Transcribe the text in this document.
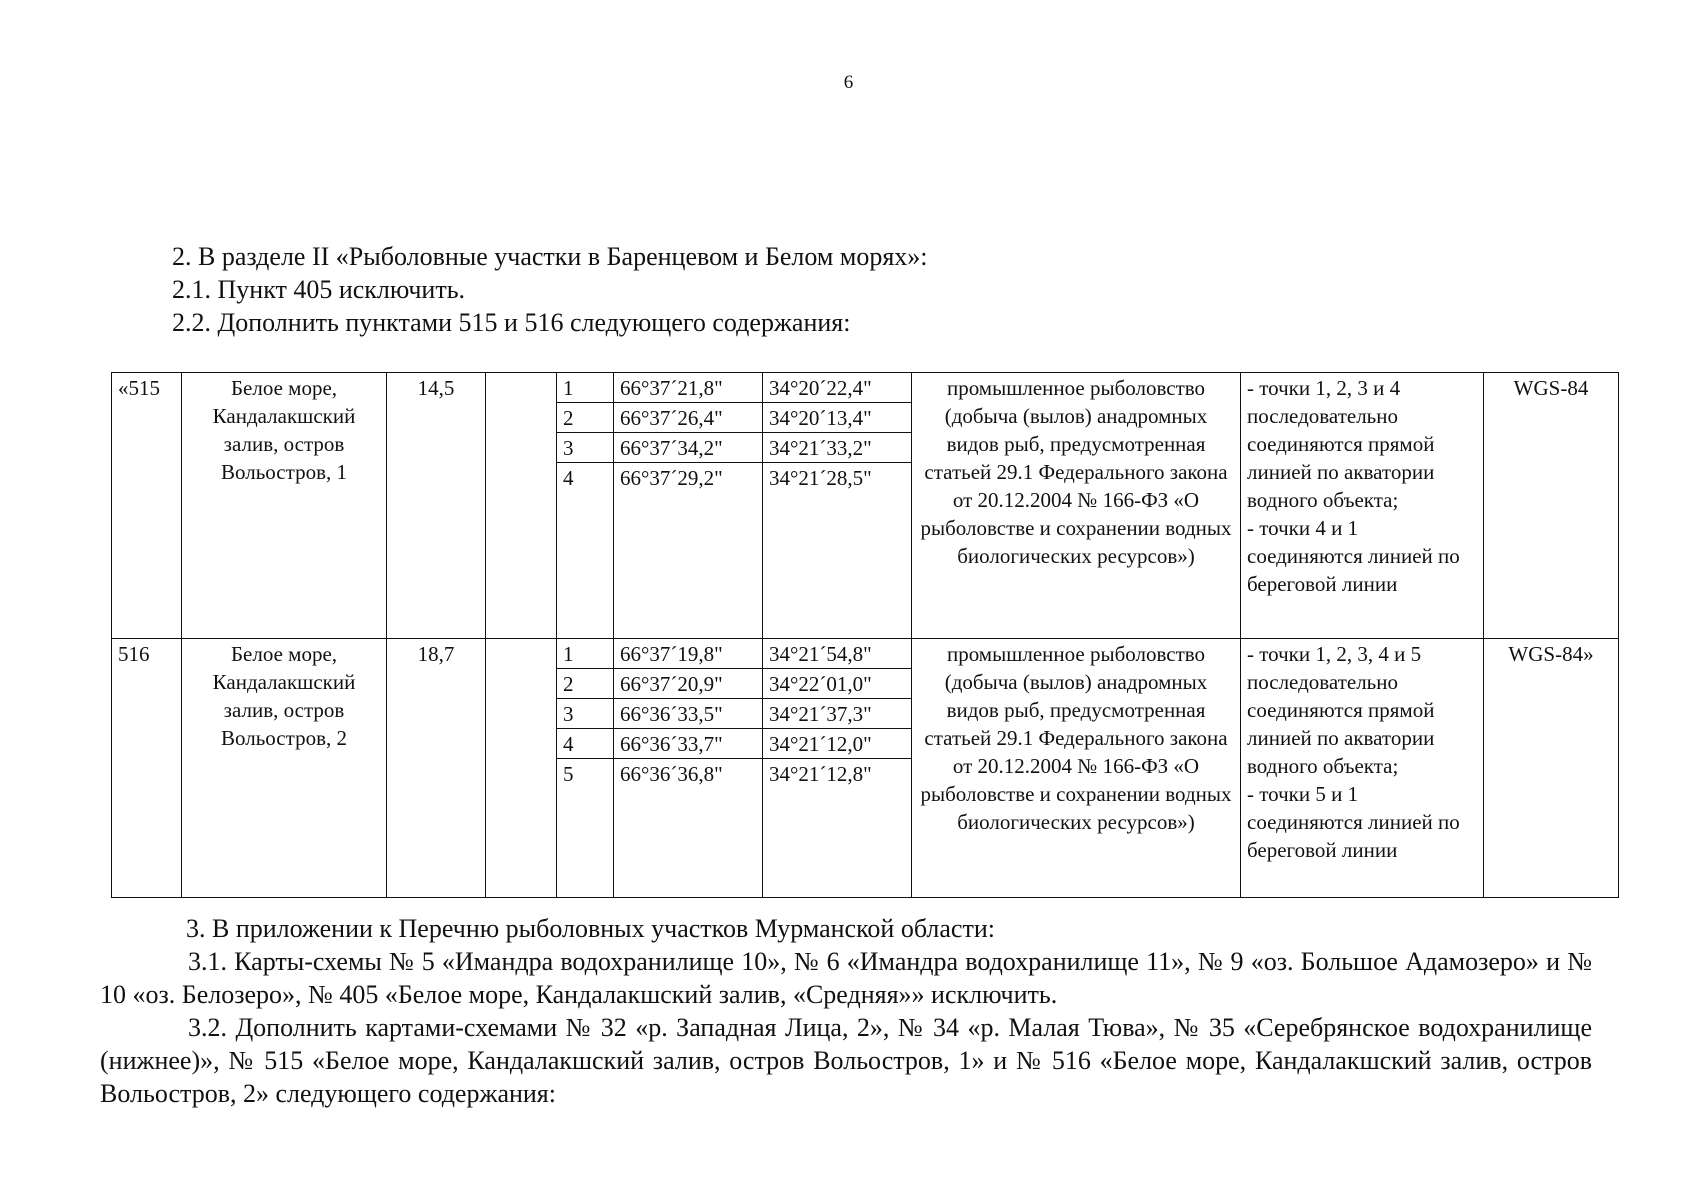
6

2. В разделе II «Рыболовные участки в Баренцевом и Белом морях»:

2.1. Пункт 405 исключить.

2.2. Дополнить пунктами 515 и 516 следующего содержания:

«515	Белое море, Кандалакшский залив, остров Вольостров, 1	14,5		1	66°37´21,8"	34°20´22,4"	промышленное рыболовство (добыча (вылов) анадромных видов рыб, предусмотренная статьей 29.1 Федерального закона от 20.12.2004 № 166-ФЗ «О рыболовстве и сохранении водных биологических ресурсов»)	- точки 1, 2, 3 и 4 последовательно соединяются прямой линией по акватории водного объекта;
- точки 4 и 1 соединяются линией по береговой линии	WGS-84
				2	66°37´26,4"	34°20´13,4"			
				3	66°37´34,2"	34°21´33,2"			
				4	66°37´29,2"	34°21´28,5"			
516	Белое море, Кандалакшский залив, остров Вольостров, 2	18,7		1	66°37´19,8"	34°21´54,8"	промышленное рыболовство (добыча (вылов) анадромных видов рыб, предусмотренная статьей 29.1 Федерального закона от 20.12.2004 № 166-ФЗ «О рыболовстве и сохранении водных биологических ресурсов»)	- точки 1, 2, 3, 4 и 5 последовательно соединяются прямой линией по акватории водного объекта;
- точки 5 и 1 соединяются линией по береговой линии	WGS-84»
				2	66°37´20,9"	34°22´01,0"			
				3	66°36´33,5"	34°21´37,3"			
				4	66°36´33,7"	34°21´12,0"			
				5	66°36´36,8"	34°21´12,8"			

3. В приложении к Перечню рыболовных участков Мурманской области:

3.1. Карты-схемы № 5 «Имандра водохранилище 10», № 6 «Имандра водохранилище 11», № 9 «оз. Большое Адамозеро» и № 10 «оз. Белозеро», № 405 «Белое море, Кандалакшский залив, «Средняя»» исключить.

3.2. Дополнить картами-схемами № 32 «р. Западная Лица, 2», № 34 «р. Малая Тюва», № 35 «Серебрянское водохранилище (нижнее)», № 515 «Белое море, Кандалакшский залив, остров Вольостров, 1» и № 516 «Белое море, Кандалакшский залив, остров Вольостров, 2» следующего содержания:
